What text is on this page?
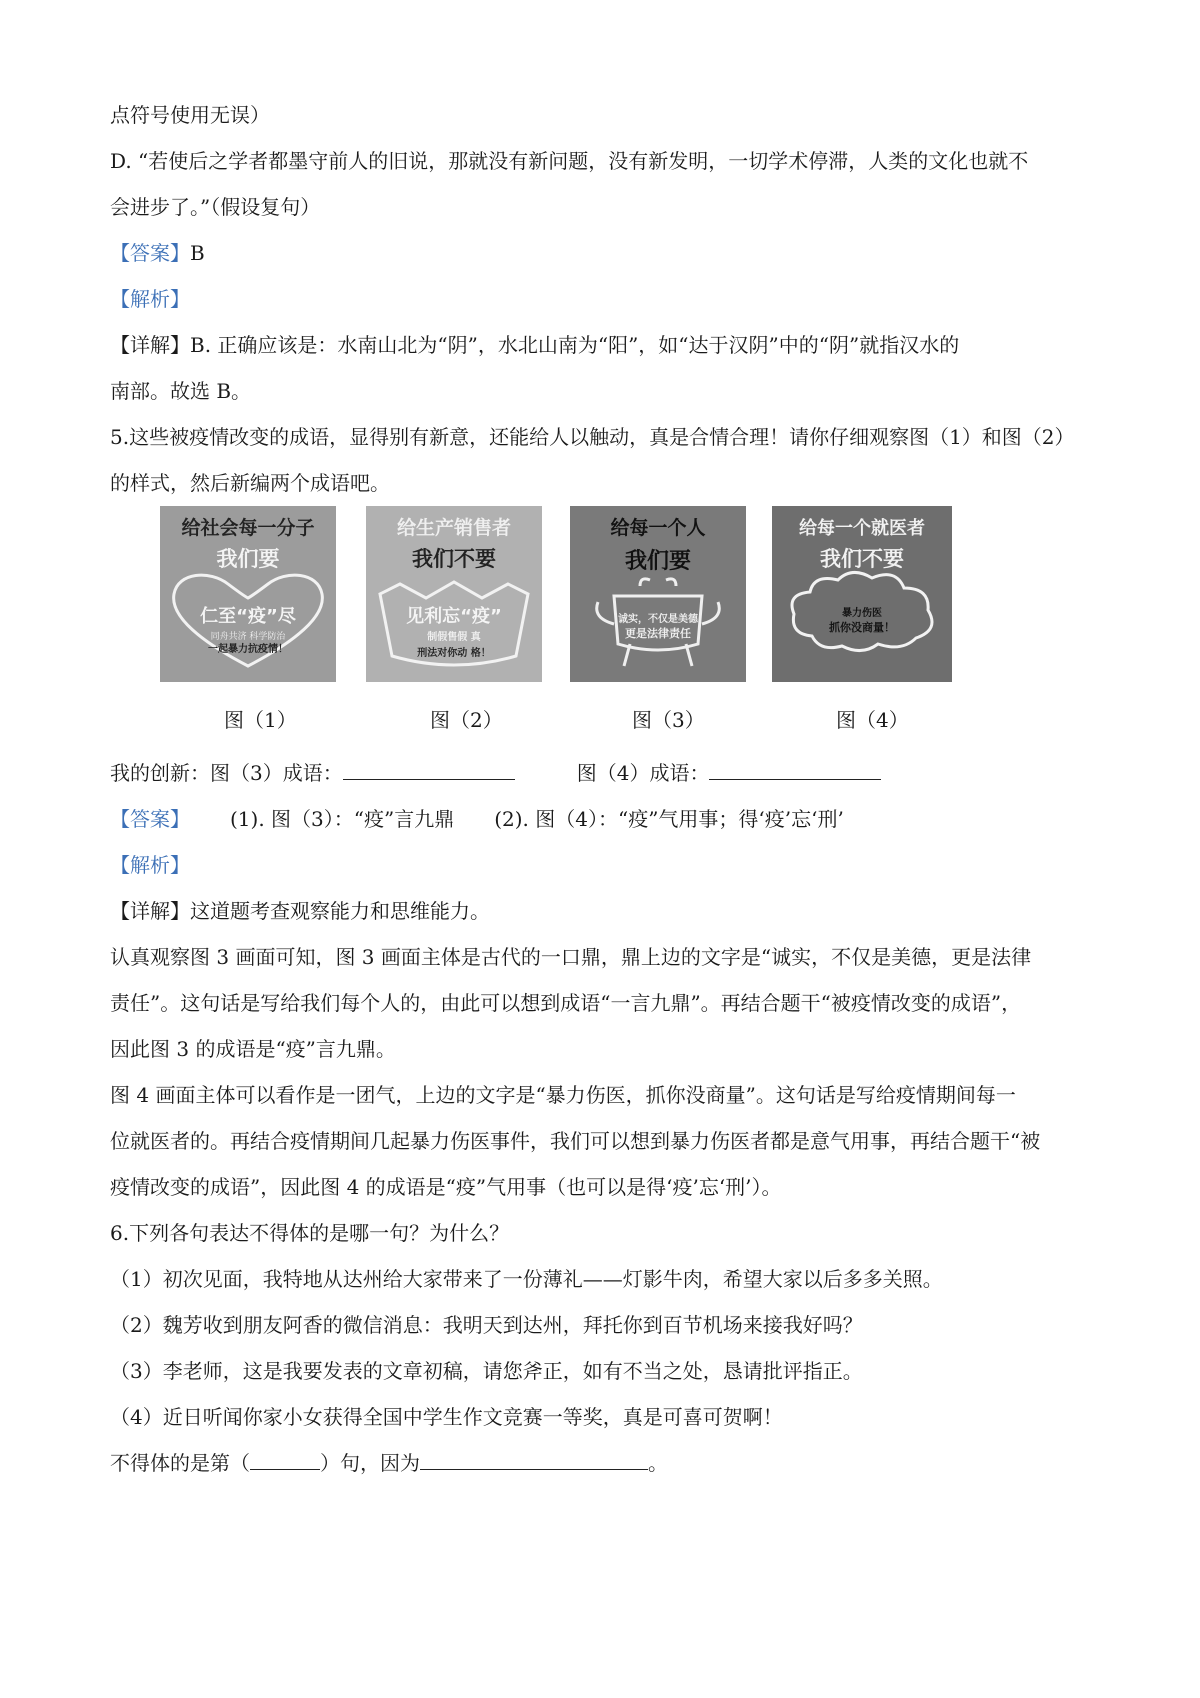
点符号使用无误）

D. “若使后之学者都墨守前人的旧说，那就没有新问题，没有新发明，一切学术停滞，人类的文化也就不

会进步了。”（假设复句）

【答案】B

【解析】

【详解】B. 正确应该是：水南山北为“阴”，水北山南为“阳”，如“达于汉阴”中的“阴”就指汉水的

南部。故选 B。

5.这些被疫情改变的成语，显得别有新意，还能给人以触动，真是合情合理！请你仔细观察图（1）和图（2）

的样式，然后新编两个成语吧。

给社会每一分子
我们要
仁至“疫”尽
同舟共济 科学防治
一起暴力抗疫情！
图（1）
给生产销售者
我们不要
见利忘“疫”
制假售假 真
刑法对你动 格！
图（2）
给每一个人
我们要
诚实，不仅是美德
更是法律责任
图（3）
给每一个就医者
我们不要
暴力伤医
抓你没商量！
图（4）

我的创新：图（3）成语：	图（4）成语：

【答案】 (1). 图（3）：“疫”言九鼎 (2). 图（4）：“疫”气用事；得‘疫’忘‘刑’

【解析】

【详解】这道题考查观察能力和思维能力。

认真观察图 3 画面可知，图 3 画面主体是古代的一口鼎，鼎上边的文字是“诚实，不仅是美德，更是法律

责任”。这句话是写给我们每个人的，由此可以想到成语“一言九鼎”。再结合题干“被疫情改变的成语”，

因此图 3 的成语是“疫”言九鼎。

图 4 画面主体可以看作是一团气，上边的文字是“暴力伤医，抓你没商量”。这句话是写给疫情期间每一

位就医者的。再结合疫情期间几起暴力伤医事件，我们可以想到暴力伤医者都是意气用事，再结合题干“被

疫情改变的成语”，因此图 4 的成语是“疫”气用事（也可以是得‘疫’忘‘刑’）。

6.下列各句表达不得体的是哪一句？为什么？

（1）初次见面，我特地从达州给大家带来了一份薄礼——灯影牛肉，希望大家以后多多关照。

（2）魏芳收到朋友阿香的微信消息：我明天到达州，拜托你到百节机场来接我好吗？

（3）李老师，这是我要发表的文章初稿，请您斧正，如有不当之处，恳请批评指正。

（4）近日听闻你家小女获得全国中学生作文竞赛一等奖，真是可喜可贺啊！

不得体的是第（	）句，因为	。
